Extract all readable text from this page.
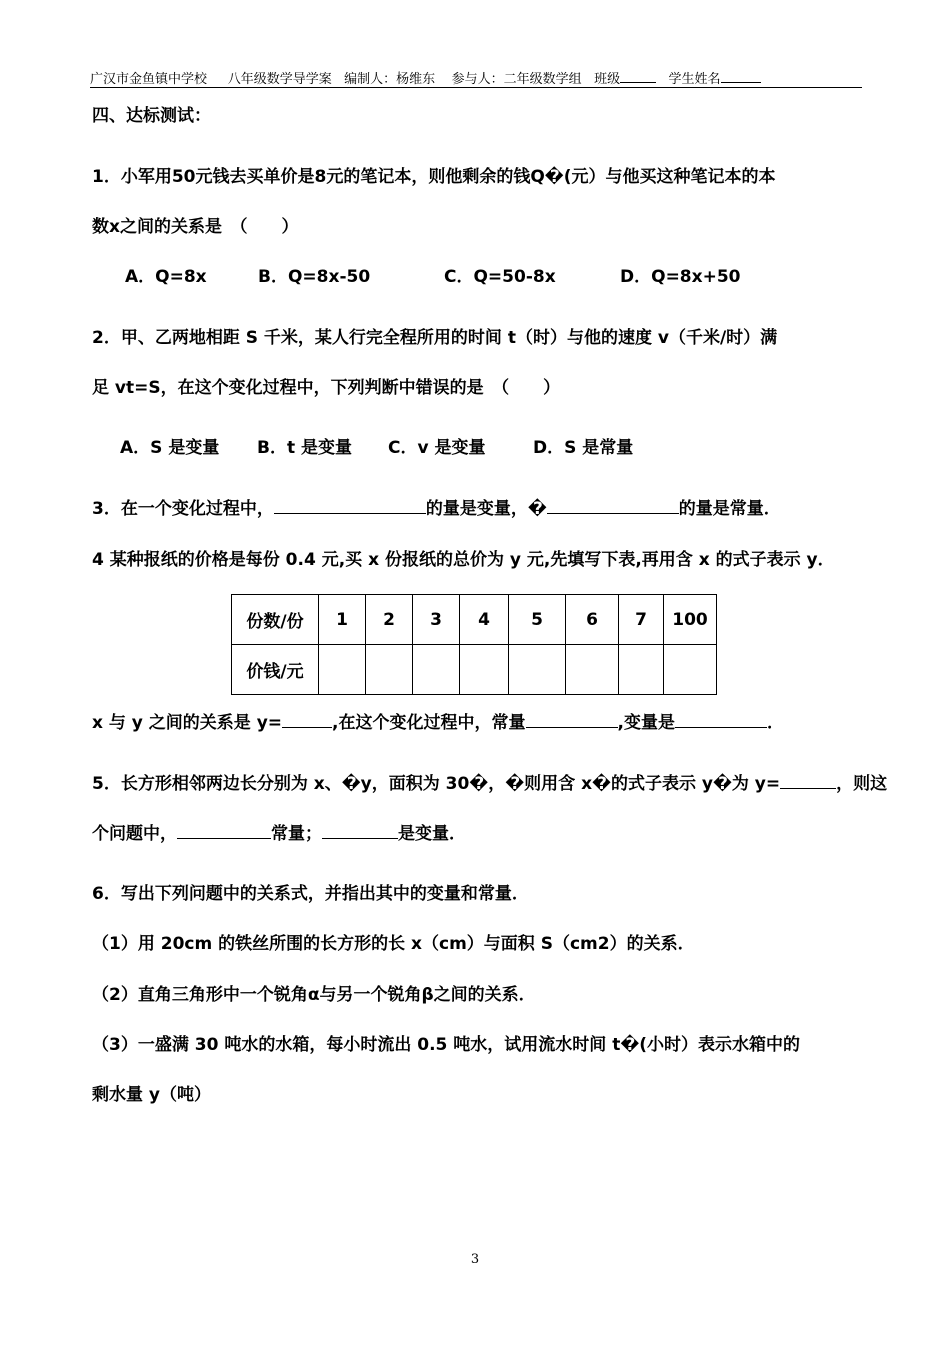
广汉市金鱼镇中学校 八年级数学导学案 编制人：杨维东 参与人：二年级数学组 班级	学生姓名
四、达标测试：
1．小军用50元钱去买单价是8元的笔记本，则他剩余的钱Q�(元）与他买这种笔记本的本
数x之间的关系是　（　　）
A．Q=8x	B．Q=8x-50	C．Q=50-8x	D．Q=8x+50
2．甲、乙两地相距 S 千米，某人行完全程所用的时间 t（时）与他的速度 v（千米/时）满
足 vt=S，在这个变化过程中，下列判断中错误的是　（　　）
A．S 是变量 B．t 是变量 C．v 是变量	D．S 是常量
3．在一个变化过程中，	的量是变量，�	的量是常量．
4 某种报纸的价格是每份 0.4 元,买 x 份报纸的总价为 y 元,先填写下表,再用含 x 的式子表示 y．
份数/份	1	2	3	4	5	6	7	100
价钱/元								
x 与 y 之间的关系是 y=	,在这个变化过程中，常量	,变量是	．
5．长方形相邻两边长分别为 x、�y，面积为 30�，�则用含 x�的式子表示 y�为 y=	，则这
个问题中，	常量；	是变量．
6．写出下列问题中的关系式，并指出其中的变量和常量．
（1）用 20cm 的铁丝所围的长方形的长 x（cm）与面积 S（cm2）的关系．
（2）直角三角形中一个锐角α与另一个锐角β之间的关系．
（3）一盛满 30 吨水的水箱，每小时流出 0.5 吨水，试用流水时间 t�(小时）表示水箱中的
剩水量 y（吨）
3
